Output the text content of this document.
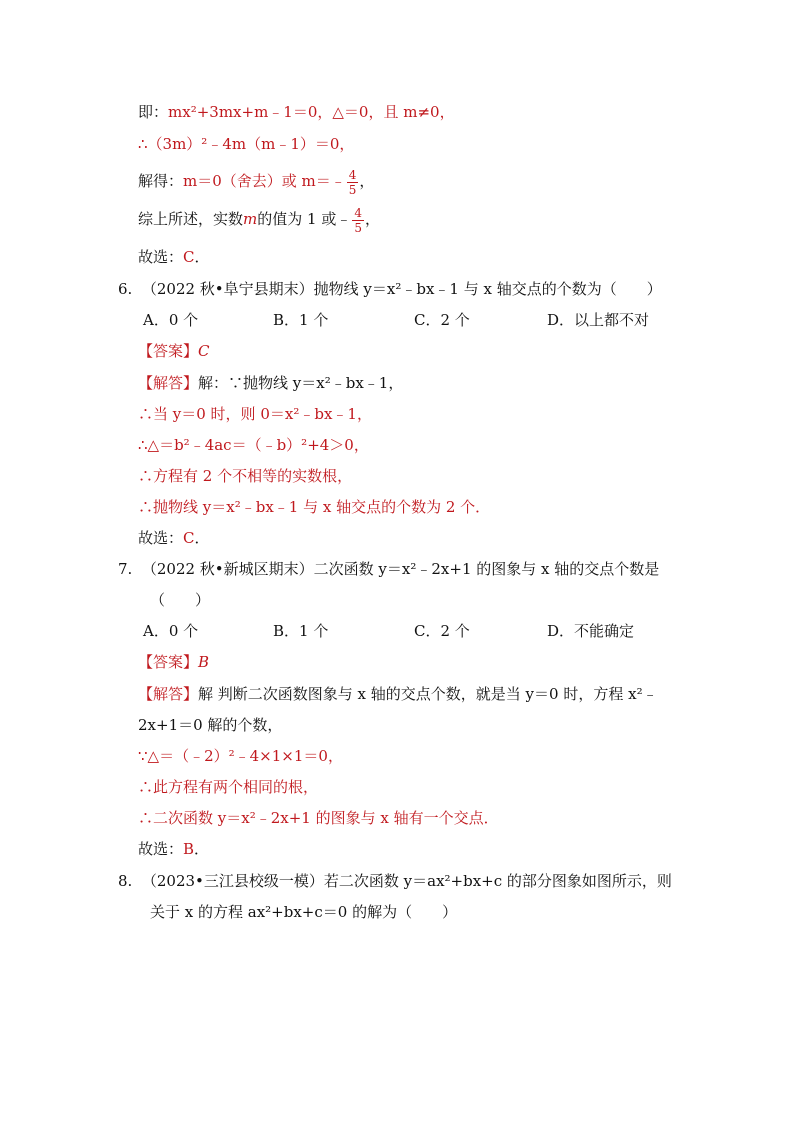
即：mx²+3mx+m﹣1＝0，△＝0，且 m≠0，
∴（3m）²﹣4m（m﹣1）＝0，
解得：m＝0（舍去）或 m＝﹣ $\frac{4}{5}$ ，
综上所述，实数m的值为 1 或﹣ $\frac{4}{5}$ ，
故选：C．
6. （2022 秋•阜宁县期末）抛物线 y＝x²﹣bx﹣1 与 x 轴交点的个数为（　　）
A．0 个	B．1 个	C．2 个	D．以上都不对
【答案】C
【解答】解：∵抛物线 y＝x²﹣bx﹣1，
∴当 y＝0 时，则 0＝x²﹣bx﹣1，
∴△＝b²﹣4ac＝（﹣b）²+4＞0，
∴方程有 2 个不相等的实数根，
∴抛物线 y＝x²﹣bx﹣1 与 x 轴交点的个数为 2 个．
故选：C．
7. （2022 秋•新城区期末）二次函数 y＝x²﹣2x+1 的图象与 x 轴的交点个数是
（　　）
A．0 个	B．1 个	C．2 个	D．不能确定
【答案】B
【解答】解 判断二次函数图象与 x 轴的交点个数，就是当 y＝0 时，方程 x²﹣
2x+1＝0 解的个数，
∵△＝（﹣2）²﹣4×1×1＝0，
∴此方程有两个相同的根，
∴二次函数 y＝x²﹣2x+1 的图象与 x 轴有一个交点．
故选：B．
8. （2023•三江县校级一模）若二次函数 y＝ax²+bx+c 的部分图象如图所示，则
关于 x 的方程 ax²+bx+c＝0 的解为（　　）
